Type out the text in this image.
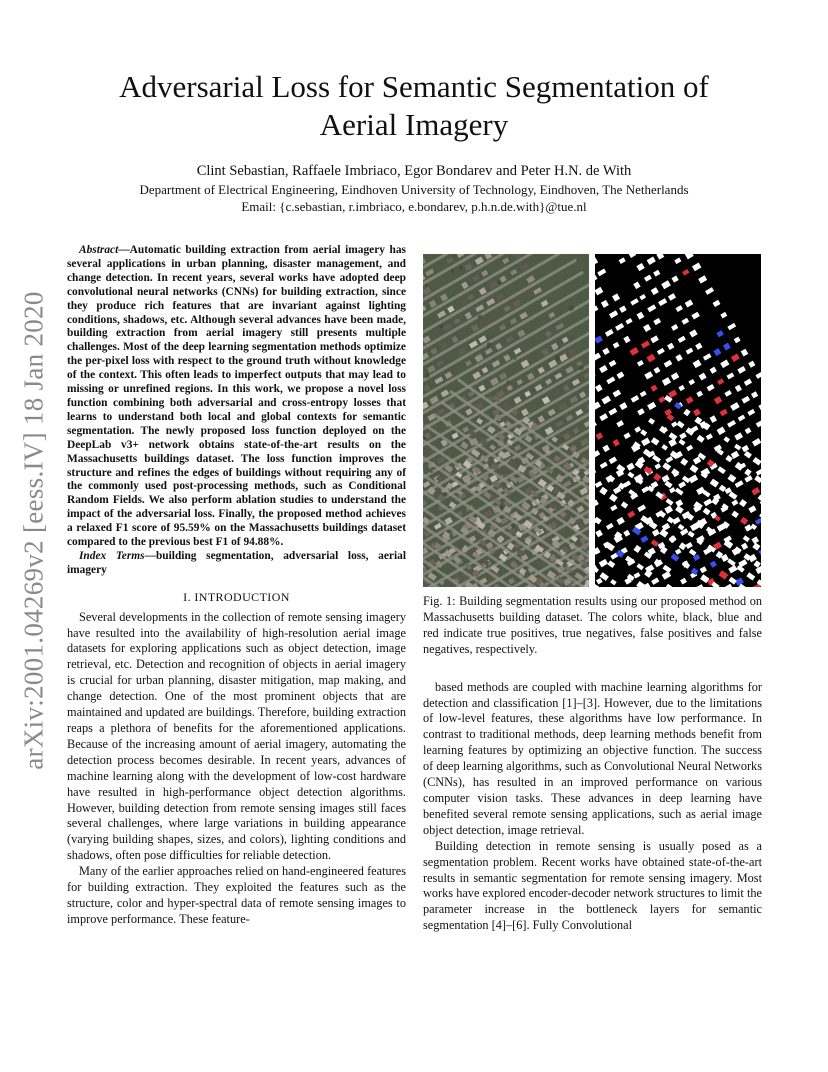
arXiv:2001.04269v2 [eess.IV] 18 Jan 2020
Adversarial Loss for Semantic Segmentation of
Aerial Imagery
Clint Sebastian, Raffaele Imbriaco, Egor Bondarev and Peter H.N. de With
Department of Electrical Engineering, Eindhoven University of Technology, Eindhoven, The Netherlands
Email: {c.sebastian, r.imbriaco, e.bondarev, p.h.n.de.with}@tue.nl

Abstract—Automatic building extraction from aerial imagery has several applications in urban planning, disaster management, and change detection. In recent years, several works have adopted deep convolutional neural networks (CNNs) for building extraction, since they produce rich features that are invariant against lighting conditions, shadows, etc. Although several advances have been made, building extraction from aerial imagery still presents multiple challenges. Most of the deep learning segmentation methods optimize the per-pixel loss with respect to the ground truth without knowledge of the context. This often leads to imperfect outputs that may lead to missing or unrefined regions. In this work, we propose a novel loss function combining both adversarial and cross-entropy losses that learns to understand both local and global contexts for semantic segmentation. The newly proposed loss function deployed on the DeepLab v3+ network obtains state-of-the-art results on the Massachusetts buildings dataset. The loss function improves the structure and refines the edges of buildings without requiring any of the commonly used post-processing methods, such as Conditional Random Fields. We also perform ablation studies to understand the impact of the adversarial loss. Finally, the proposed method achieves a relaxed F1 score of 95.59% on the Massachusetts buildings dataset compared to the previous best F1 of 94.88%.

Index Terms—building segmentation, adversarial loss, aerial imagery

I. INTRODUCTION

Several developments in the collection of remote sensing imagery have resulted into the availability of high-resolution aerial image datasets for exploring applications such as object detection, image retrieval, etc. Detection and recognition of objects in aerial imagery is crucial for urban planning, disaster mitigation, map making, and change detection. One of the most prominent objects that are maintained and updated are buildings. Therefore, building extraction reaps a plethora of benefits for the aforementioned applications. Because of the increasing amount of aerial imagery, automating the detection process becomes desirable. In recent years, advances of machine learning along with the development of low-cost hardware have resulted in high-performance object detection algorithms. However, building detection from remote sensing images still faces several challenges, where large variations in building appearance (varying building shapes, sizes, and colors), lighting conditions and shadows, often pose difficulties for reliable detection.

Many of the earlier approaches relied on hand-engineered features for building extraction. They exploited the features such as the structure, color and hyper-spectral data of remote sensing images to improve performance. These feature-

Fig. 1: Building segmentation results using our proposed method on Massachusetts building dataset. The colors white, black, blue and red indicate true positives, true negatives, false positives and false negatives, respectively.

based methods are coupled with machine learning algorithms for detection and classification [1]–[3]. However, due to the limitations of low-level features, these algorithms have low performance. In contrast to traditional methods, deep learning methods benefit from learning features by optimizing an objective function. The success of deep learning algorithms, such as Convolutional Neural Networks (CNNs), has resulted in an improved performance on various computer vision tasks. These advances in deep learning have benefited several remote sensing applications, such as aerial image object detection, image retrieval.

Building detection in remote sensing is usually posed as a segmentation problem. Recent works have obtained state-of-the-art results in semantic segmentation for remote sensing imagery. Most works have explored encoder-decoder network structures to limit the parameter increase in the bottleneck layers for semantic segmentation [4]–[6]. Fully Convolutional
